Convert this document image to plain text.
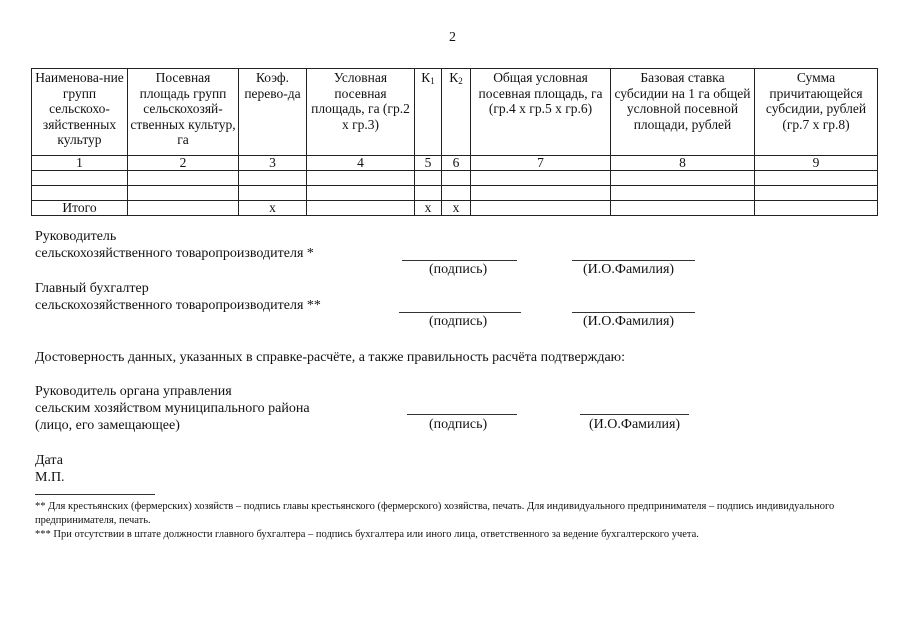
2
Наименова-ние групп сельскохо-зяйственных культур	Посевная площадь групп сельскохозяй-ственных культур, га	Коэф. перево-да	Условная посевная площадь, га (гр.2 х гр.3)	$К_1$	$К_2$	Общая условная посевная площадь, га (гр.4 х гр.5 х гр.6)	Базовая ставка субсидии на 1 га общей условной посевной площади, рублей	Сумма причитающейся субсидии, рублей (гр.7 х гр.8)
1	2	3	4	5	6	7	8	9

Итого		x		x	x			
Руководитель
сельскохозяйственного товаропроизводителя *
(подпись)	(И.О.Фамилия)
Главный бухгалтер
сельскохозяйственного товаропроизводителя **
(подпись)	(И.О.Фамилия)
Достоверность данных, указанных в справке-расчёте, а также правильность расчёта подтверждаю:
Руководитель органа управления
сельским хозяйством муниципального района
(лицо, его замещающее)	(подпись)	(И.О.Фамилия)
Дата
М.П.
** Для крестьянских (фермерских) хозяйств – подпись главы крестьянского (фермерского) хозяйства, печать. Для индивидуального предпринимателя – подпись индивидуального предпринимателя, печать.
*** При отсутствии в штате должности главного бухгалтера – подпись бухгалтера или иного лица, ответственного за ведение бухгалтерского учета.
